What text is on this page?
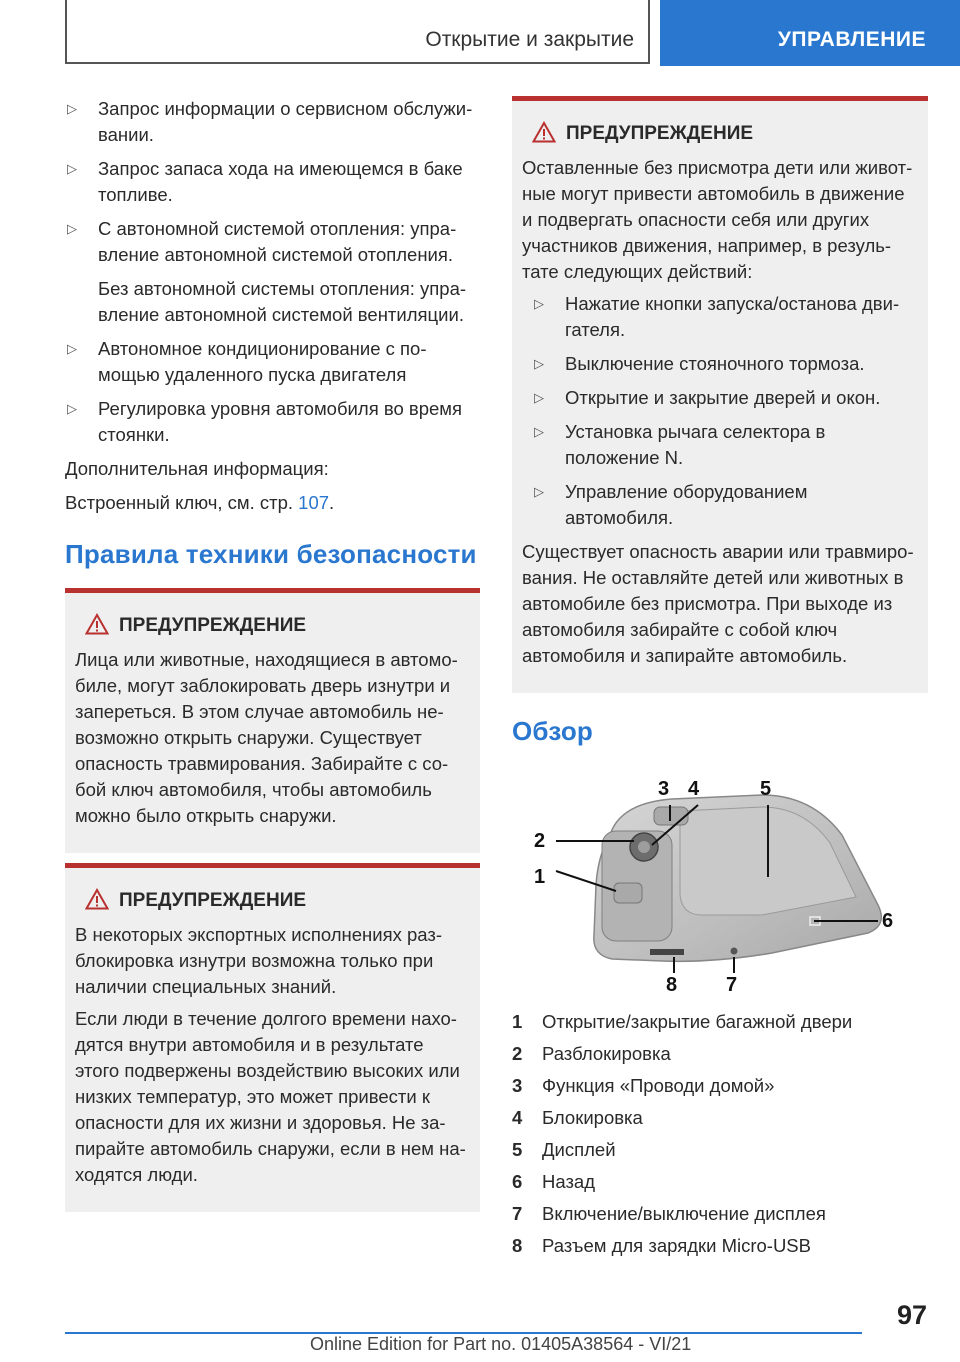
Открытие и закрытие	УПРАВЛЕНИЕ
▷ Запрос информации о сервисном обслужи-вании.
▷ Запрос запаса хода на имеющемся в баке топливе.
▷ С автономной системой отопления: упра-вление автономной системой отопления.
Без автономной системы отопления: упра-вление автономной системой вентиляции.
▷ Автономное кондиционирование с по-мощью удаленного пуска двигателя
▷ Регулировка уровня автомобиля во время стоянки.
Дополнительная информация:
Встроенный ключ, см. стр. 107.
Правила техники безопасности
ПРЕДУПРЕЖДЕНИЕ
Лица или животные, находящиеся в автомо-биле, могут заблокировать дверь изнутри и запереться. В этом случае автомобиль не-возможно открыть снаружи. Существует опасность травмирования. Забирайте с со-бой ключ автомобиля, чтобы автомобиль можно было открыть снаружи.
ПРЕДУПРЕЖДЕНИЕ
В некоторых экспортных исполнениях раз-блокировка изнутри возможна только при наличии специальных знаний.
Если люди в течение долгого времени нахо-дятся внутри автомобиля и в результате этого подвержены воздействию высоких или низких температур, это может привести к опасности для их жизни и здоровья. Не за-пирайте автомобиль снаружи, если в нем на-ходятся люди.
ПРЕДУПРЕЖДЕНИЕ
Оставленные без присмотра дети или живот-ные могут привести автомобиль в движение и подвергать опасности себя или других участников движения, например, в резуль-тате следующих действий:
▷ Нажатие кнопки запуска/останова дви-гателя.
▷ Выключение стояночного тормоза.
▷ Открытие и закрытие дверей и окон.
▷ Установка рычага селектора в положение N.
▷ Управление оборудованием автомобиля.
Существует опасность аварии или травмиро-вания. Не оставляйте детей или животных в автомобиле без присмотра. При выходе из автомобиля забирайте с собой ключ автомобиля и запирайте автомобиль.
Обзор
1
2
3 4	5
6
7
8
1	Открытие/закрытие багажной двери
2	Разблокировка
3	Функция «Проводи домой»
4	Блокировка
5	Дисплей
6	Назад
7	Включение/выключение дисплея
8	Разъем для зарядки Micro-USB
97
Online Edition for Part no. 01405A38564 - VI/21
